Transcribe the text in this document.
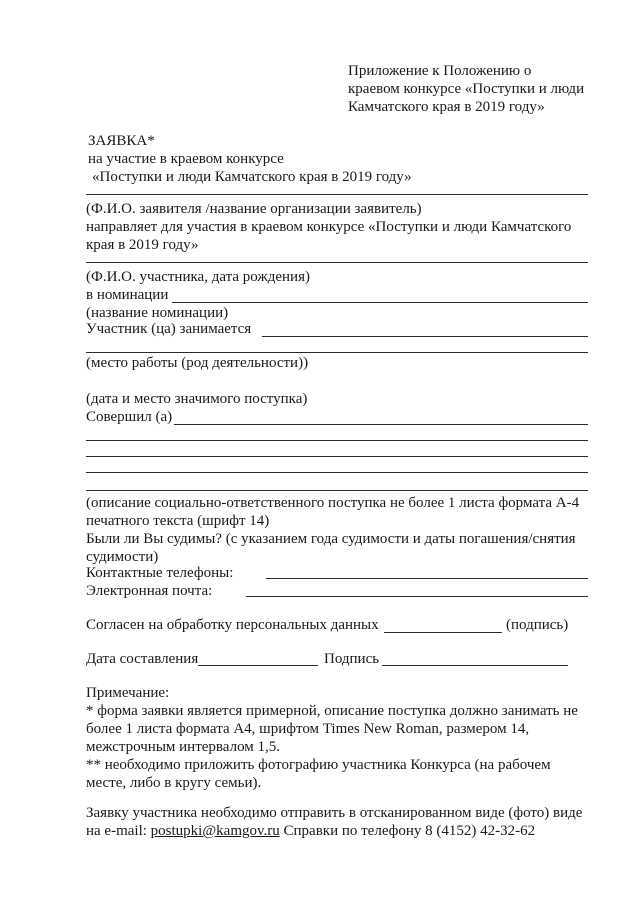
Приложение к Положению о
краевом конкурсе «Поступки и люди
Камчатского края в 2019 году»
ЗАЯВКА*
на участие в краевом конкурсе
«Поступки и люди Камчатского края в 2019 году»
(Ф.И.О. заявителя /название организации заявитель)
направляет для участия в краевом конкурсе «Поступки и люди Камчатского
края в 2019 году»
(Ф.И.О. участника, дата рождения)
в номинации
(название номинации)
Участник (ца) занимается
(место работы (род деятельности))
(дата и место значимого поступка)
Совершил (а)
(описание социально-ответственного поступка не более 1 листа формата А-4
печатного текста (шрифт 14)
Были ли Вы судимы? (с указанием года судимости и даты погашения/снятия
судимости)
Контактные телефоны:
Электронная почта:
Согласен на обработку персональных данных	(подпись)
Дата составления	Подпись
Примечание:
* форма заявки является примерной, описание поступка должно занимать не
более 1 листа формата А4, шрифтом Times New Roman, размером 14,
межстрочным интервалом 1,5.
** необходимо приложить фотографию участника Конкурса (на рабочем
месте, либо в кругу семьи).
Заявку участника необходимо отправить в отсканированном виде (фото) виде
на e-mail: postupki@kamgov.ru Справки по телефону 8 (4152) 42-32-62
